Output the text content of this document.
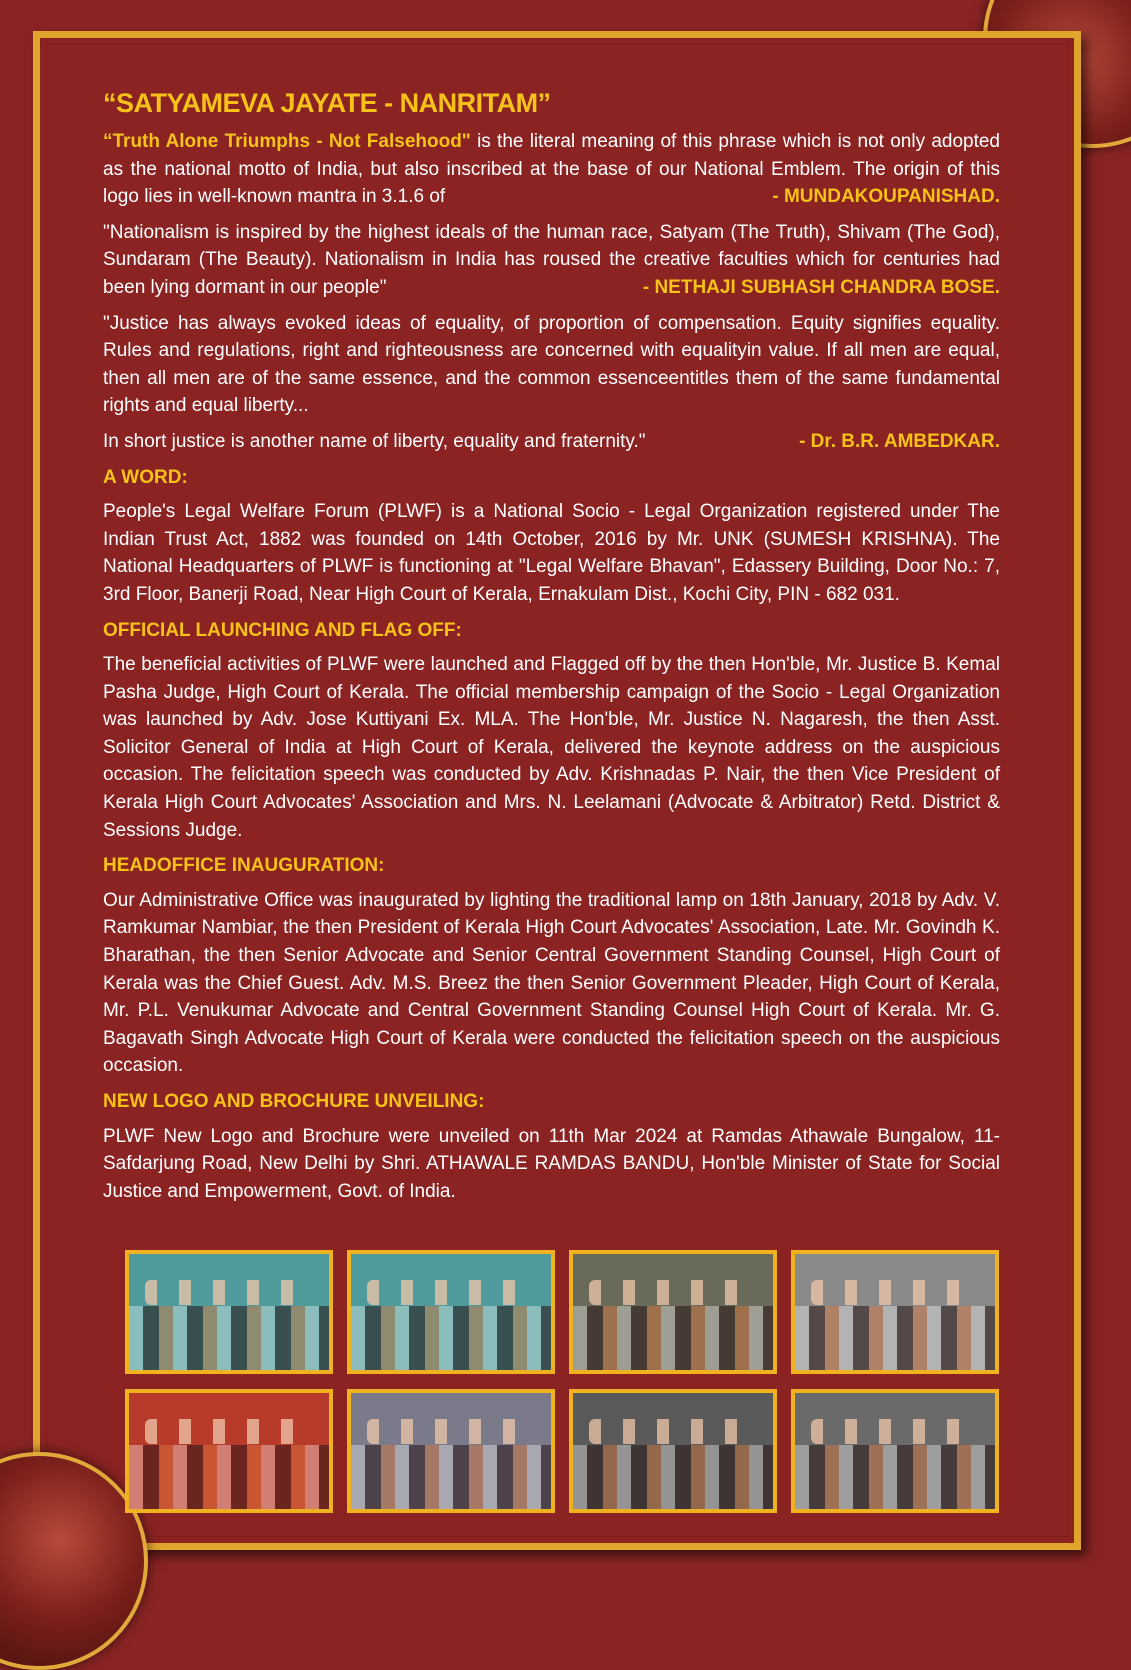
“SATYAMEVA JAYATE - NANRITAM”
“Truth Alone Triumphs - Not Falsehood" is the literal meaning of this phrase which is not only adopted as the national motto of India, but also inscribed at the base of our National Emblem. The origin of this logo lies in well-known mantra in 3.1.6 of	- MUNDAKOUPANISHAD.
"Nationalism is inspired by the highest ideals of the human race, Satyam (The Truth), Shivam (The God), Sundaram (The Beauty). Nationalism in India has roused the creative faculties which for centuries had been lying dormant in our people"	- NETHAJI SUBHASH CHANDRA BOSE.
"Justice has always evoked ideas of equality, of proportion of compensation. Equity signifies equality. Rules and regulations, right and righteousness are concerned with equalityin value. If all men are equal, then all men are of the same essence, and the common essenceentitles them of the same fundamental rights and equal liberty...
In short justice is another name of liberty, equality and fraternity."	- Dr. B.R. AMBEDKAR.
A WORD:
People's Legal Welfare Forum (PLWF) is a National Socio - Legal Organization registered under The Indian Trust Act, 1882 was founded on 14th October, 2016 by Mr. UNK (SUMESH KRISHNA). The National Headquarters of PLWF is functioning at "Legal Welfare Bhavan", Edassery Building, Door No.: 7, 3rd Floor, Banerji Road, Near High Court of Kerala, Ernakulam Dist., Kochi City, PIN - 682 031.
OFFICIAL LAUNCHING AND FLAG OFF:
The beneficial activities of PLWF were launched and Flagged off by the then Hon'ble, Mr. Justice B. Kemal Pasha Judge, High Court of Kerala. The official membership campaign of the Socio - Legal Organization was launched by Adv. Jose Kuttiyani Ex. MLA. The Hon'ble, Mr. Justice N. Nagaresh, the then Asst. Solicitor General of India at High Court of Kerala, delivered the keynote address on the auspicious occasion. The felicitation speech was conducted by Adv. Krishnadas P. Nair, the then Vice President of Kerala High Court Advocates' Association and Mrs. N. Leelamani (Advocate & Arbitrator) Retd. District & Sessions Judge.
HEADOFFICE INAUGURATION:
Our Administrative Office was inaugurated by lighting the traditional lamp on 18th January, 2018 by Adv. V. Ramkumar Nambiar, the then President of Kerala High Court Advocates' Association, Late. Mr. Govindh K. Bharathan, the then Senior Advocate and Senior Central Government Standing Counsel, High Court of Kerala was the Chief Guest. Adv. M.S. Breez the then Senior Government Pleader, High Court of Kerala, Mr. P.L. Venukumar Advocate and Central Government Standing Counsel High Court of Kerala. Mr. G. Bagavath Singh Advocate High Court of Kerala were conducted the felicitation speech on the auspicious occasion.
NEW LOGO AND BROCHURE UNVEILING:
PLWF New Logo and Brochure were unveiled on 11th Mar 2024 at Ramdas Athawale Bungalow, 11- Safdarjung Road, New Delhi by Shri. ATHAWALE RAMDAS BANDU, Hon'ble Minister of State for Social Justice and Empowerment, Govt. of India.
